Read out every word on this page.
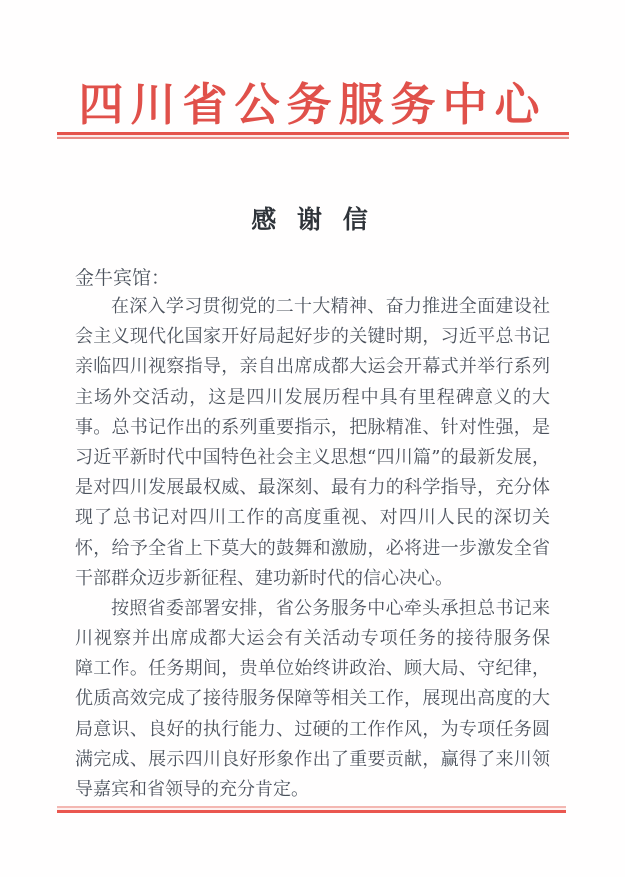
四川省公务服务中心
感 谢 信
金牛宾馆：
在深入学习贯彻党的二十大精神、奋力推进全面建设社
会主义现代化国家开好局起好步的关键时期，习近平总书记
亲临四川视察指导，亲自出席成都大运会开幕式并举行系列
主场外交活动，这是四川发展历程中具有里程碑意义的大
事。总书记作出的系列重要指示，把脉精准、针对性强，是
习近平新时代中国特色社会主义思想“四川篇”的最新发展，
是对四川发展最权威、最深刻、最有力的科学指导，充分体
现了总书记对四川工作的高度重视、对四川人民的深切关
怀，给予全省上下莫大的鼓舞和激励，必将进一步激发全省
干部群众迈步新征程、建功新时代的信心决心。
按照省委部署安排，省公务服务中心牵头承担总书记来
川视察并出席成都大运会有关活动专项任务的接待服务保
障工作。任务期间，贵单位始终讲政治、顾大局、守纪律，
优质高效完成了接待服务保障等相关工作，展现出高度的大
局意识、良好的执行能力、过硬的工作作风，为专项任务圆
满完成、展示四川良好形象作出了重要贡献，赢得了来川领
导嘉宾和省领导的充分肯定。
